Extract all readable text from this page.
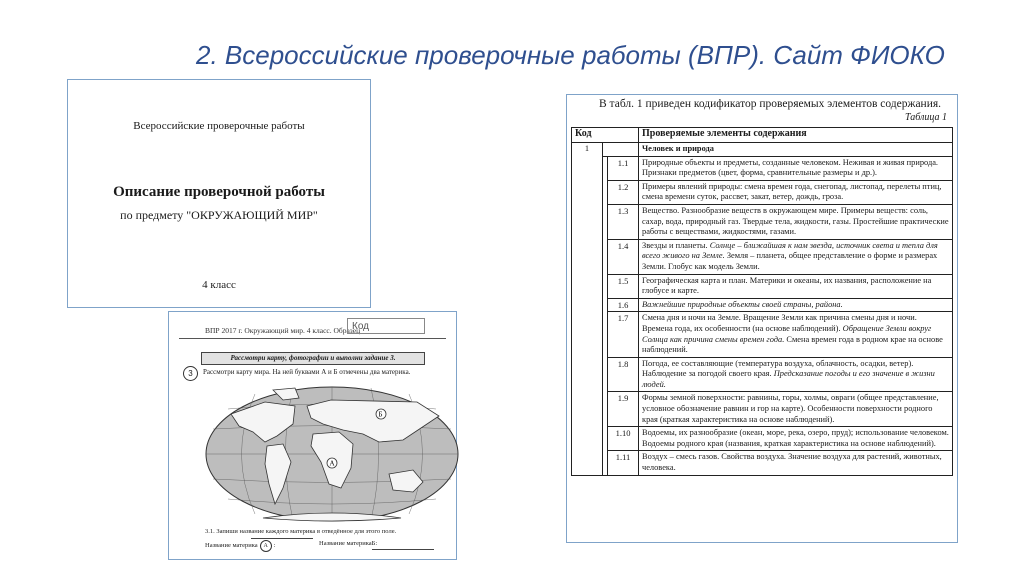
2. Всероссийские проверочные работы (ВПР). Сайт ФИОКО
Всероссийские проверочные работы
Описание проверочной работы
по предмету "ОКРУЖАЮЩИЙ МИР"
4 класс
ВПР 2017 г. Окружающий мир. 4 класс. Образец
Код
Рассмотри карту, фотографии и выполни задание 3.
3	Рассмотри карту мира. На ней буквами А и Б отмечены два материка.
А
Б
3.1. Запиши название каждого материка в отведённое для этого поле.
Название материка А :	Название материкаБ:
В табл. 1 приведен кодификатор проверяемых элементов содержания.
Таблица 1
Код			Проверяемые элементы содержания
1			Человек и природа
		1.1	Природные объекты и предметы, созданные человеком. Неживая и живая природа. Признаки предметов (цвет, форма, сравнительные размеры и др.).
		1.2	Примеры явлений природы: смена времен года, снегопад, листопад, перелеты птиц, смена времени суток, рассвет, закат, ветер, дождь, гроза.
		1.3	Вещество. Разнообразие веществ в окружающем мире. Примеры веществ: соль, сахар, вода, природный газ. Твердые тела, жидкости, газы. Простейшие практические работы с веществами, жидкостями, газами.
		1.4	Звезды и планеты. Солнце – ближайшая к нам звезда, источник света и тепла для всего живого на Земле. Земля – планета, общее представление о форме и размерах Земли. Глобус как модель Земли.
		1.5	Географическая карта и план. Материки и океаны, их названия, расположение на глобусе и карте.
		1.6	Важнейшие природные объекты своей страны, района.
		1.7	Смена дня и ночи на Земле. Вращение Земли как причина смены дня и ночи. Времена года, их особенности (на основе наблюдений). Обращение Земли вокруг Солнца как причина смены времен года. Смена времен года в родном крае на основе наблюдений.
		1.8	Погода, ее составляющие (температура воздуха, облачность, осадки, ветер). Наблюдение за погодой своего края. Предсказание погоды и его значение в жизни людей.
		1.9	Формы земной поверхности: равнины, горы, холмы, овраги (общее представление, условное обозначение равнин и гор на карте). Особенности поверхности родного края (краткая характеристика на основе наблюдений).
		1.10	Водоемы, их разнообразие (океан, море, река, озеро, пруд); использование человеком. Водоемы родного края (названия, краткая характеристика на основе наблюдений).
		1.11	Воздух – смесь газов. Свойства воздуха. Значение воздуха для растений, животных, человека.
